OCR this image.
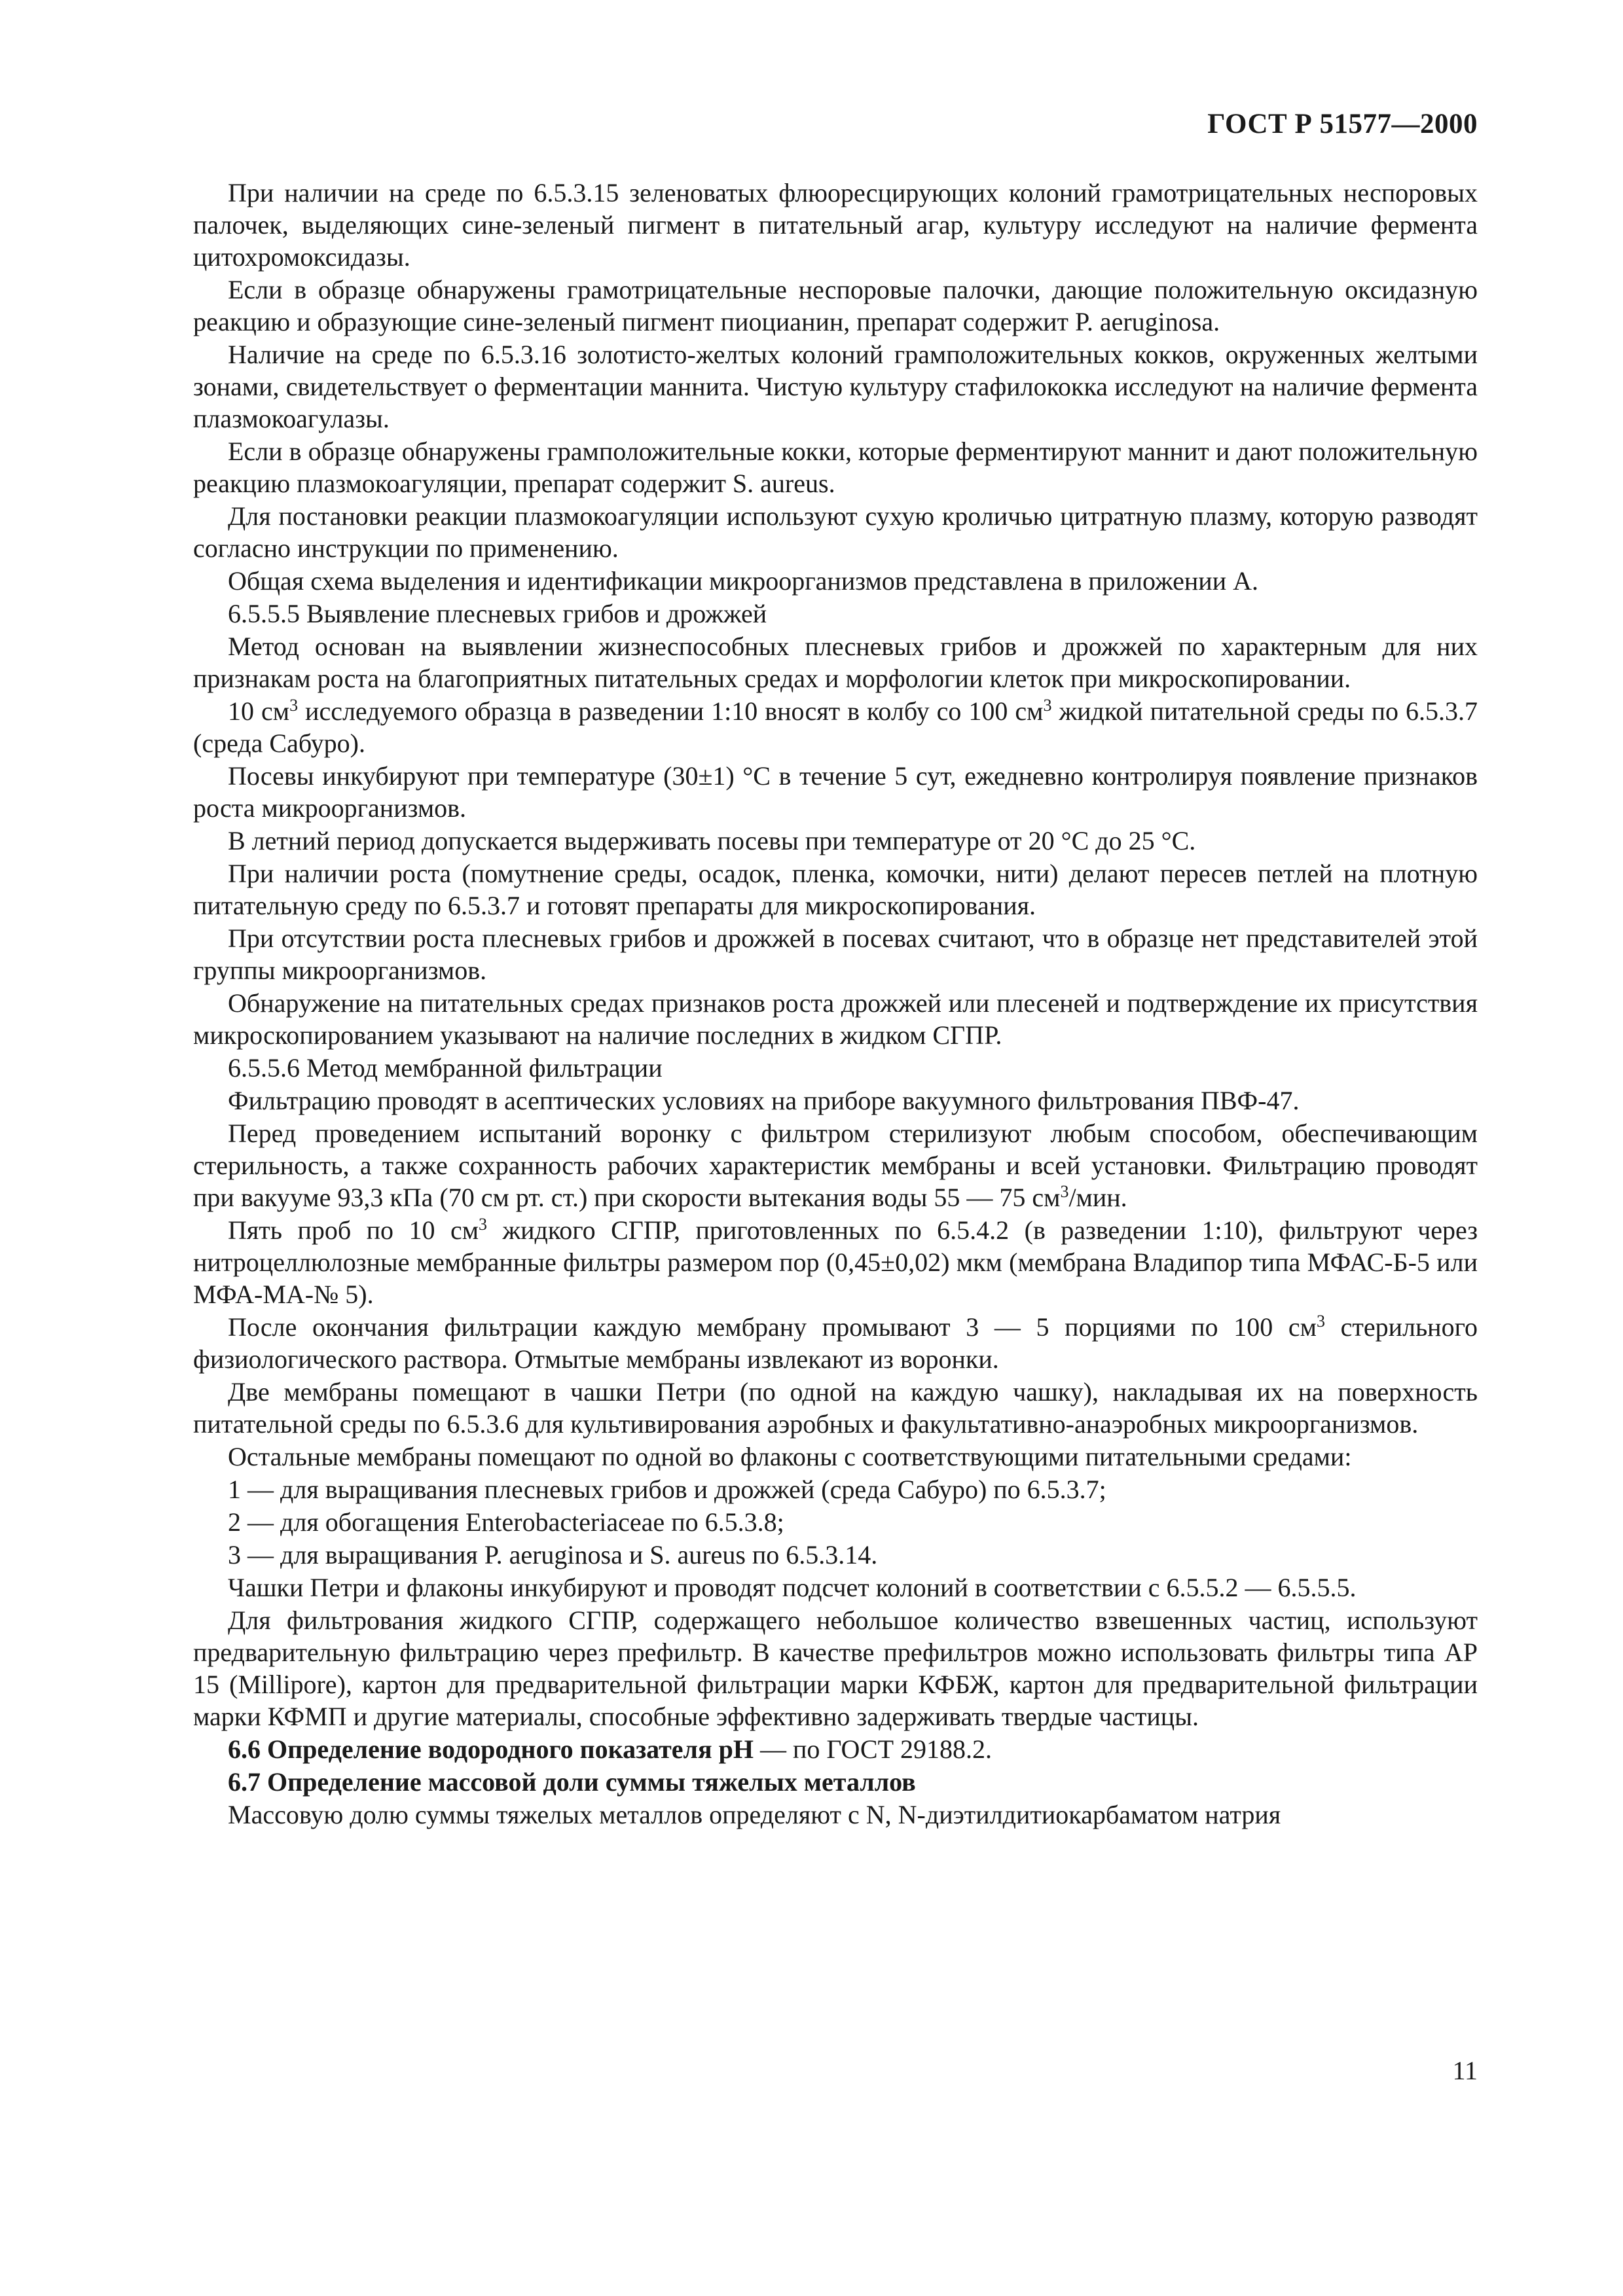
ГОСТ Р 51577—2000

При наличии на среде по 6.5.3.15 зеленоватых флюоресцирующих колоний грамотрицательных неспоровых палочек, выделяющих сине-зеленый пигмент в питательный агар, культуру исследуют на наличие фермента цитохромоксидазы.

Если в образце обнаружены грамотрицательные неспоровые палочки, дающие положительную оксидазную реакцию и образующие сине-зеленый пигмент пиоцианин, препарат содержит P. aeruginosa.

Наличие на среде по 6.5.3.16 золотисто-желтых колоний грамположительных кокков, окруженных желтыми зонами, свидетельствует о ферментации маннита. Чистую культуру стафилококка исследуют на наличие фермента плазмокоагулазы.

Если в образце обнаружены грамположительные кокки, которые ферментируют маннит и дают положительную реакцию плазмокоагуляции, препарат содержит S. aureus.

Для постановки реакции плазмокоагуляции используют сухую кроличью цитратную плазму, которую разводят согласно инструкции по применению.

Общая схема выделения и идентификации микроорганизмов представлена в приложении А.

6.5.5.5 Выявление плесневых грибов и дрожжей

Метод основан на выявлении жизнеспособных плесневых грибов и дрожжей по характерным для них признакам роста на благоприятных питательных средах и морфологии клеток при микроскопировании.

10 $см^3$ исследуемого образца в разведении 1:10 вносят в колбу со 100 $см^3$ жидкой питательной среды по 6.5.3.7 (среда Сабуро).

Посевы инкубируют при температуре (30±1) °С в течение 5 сут, ежедневно контролируя появление признаков роста микроорганизмов.

В летний период допускается выдерживать посевы при температуре от 20 °С до 25 °С.

При наличии роста (помутнение среды, осадок, пленка, комочки, нити) делают пересев петлей на плотную питательную среду по 6.5.3.7 и готовят препараты для микроскопирования.

При отсутствии роста плесневых грибов и дрожжей в посевах считают, что в образце нет представителей этой группы микроорганизмов.

Обнаружение на питательных средах признаков роста дрожжей или плесеней и подтверждение их присутствия микроскопированием указывают на наличие последних в жидком СГПР.

6.5.5.6 Метод мембранной фильтрации

Фильтрацию проводят в асептических условиях на приборе вакуумного фильтрования ПВФ-47.

Перед проведением испытаний воронку с фильтром стерилизуют любым способом, обеспечивающим стерильность, а также сохранность рабочих характеристик мембраны и всей установки. Фильтрацию проводят при вакууме 93,3 кПа (70 см рт. ст.) при скорости вытекания воды 55 — 75 $см^3$/мин.

Пять проб по 10 $см^3$ жидкого СГПР, приготовленных по 6.5.4.2 (в разведении 1:10), фильтруют через нитроцеллюлозные мембранные фильтры размером пор (0,45±0,02) мкм (мембрана Владипор типа МФАС-Б-5 или МФА-МА-№ 5).

После окончания фильтрации каждую мембрану промывают 3 — 5 порциями по 100 $см^3$ стерильного физиологического раствора. Отмытые мембраны извлекают из воронки.

Две мембраны помещают в чашки Петри (по одной на каждую чашку), накладывая их на поверхность питательной среды по 6.5.3.6 для культивирования аэробных и факультативно-анаэробных микроорганизмов.

Остальные мембраны помещают по одной во флаконы с соответствующими питательными средами:

1 — для выращивания плесневых грибов и дрожжей (среда Сабуро) по 6.5.3.7;

2 — для обогащения Enterobacteriaceae по 6.5.3.8;

3 — для выращивания P. aeruginosa и S. aureus по 6.5.3.14.

Чашки Петри и флаконы инкубируют и проводят подсчет колоний в соответствии с 6.5.5.2 — 6.5.5.5.

Для фильтрования жидкого СГПР, содержащего небольшое количество взвешенных частиц, используют предварительную фильтрацию через префильтр. В качестве префильтров можно использовать фильтры типа АР 15 (Millipore), картон для предварительной фильтрации марки КФБЖ, картон для предварительной фильтрации марки КФМП и другие материалы, способные эффективно задерживать твердые частицы.

6.6 Определение водородного показателя pH — по ГОСТ 29188.2.

6.7 Определение массовой доли суммы тяжелых металлов

Массовую долю суммы тяжелых металлов определяют с N, N-диэтилдитиокарбаматом натрия

11
